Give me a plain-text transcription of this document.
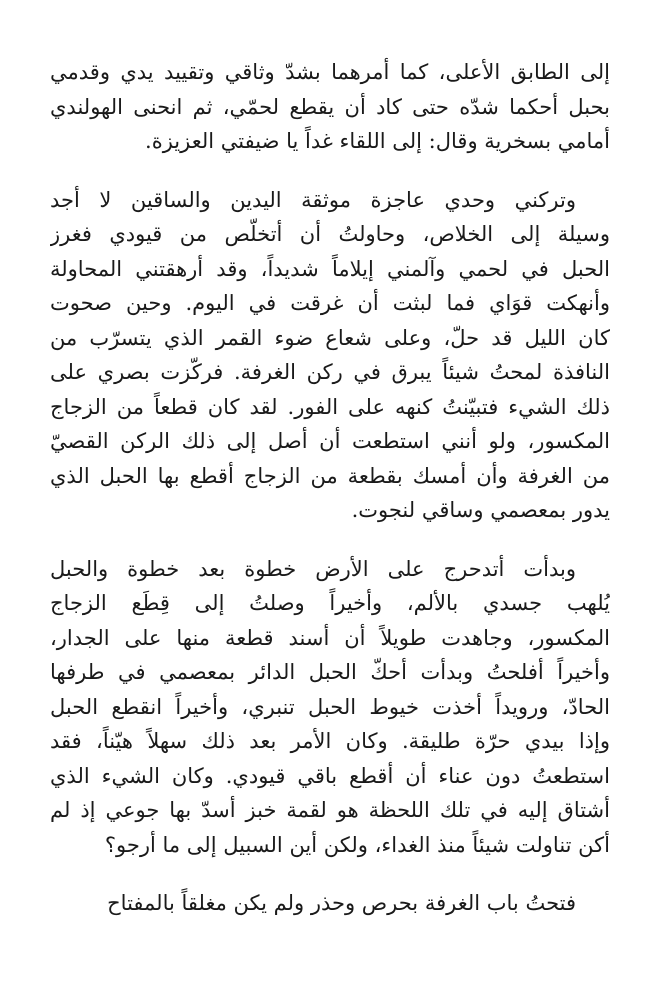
إلى الطابق الأعلى، كما أمرهما بشدّ وثاقي وتقييد يدي وقدمي
بحبل أحكما شدّه حتى كاد أن يقطع لحمّي، ثم انحنى الهولندي
أمامي بسخرية وقال: إلى اللقاء غداً يا ضيفتي العزيزة.

وتركني وحدي عاجزة موثقة اليدين والساقين لا أجد
وسيلة إلى الخلاص، وحاولتُ أن أتخلّص من قيودي فغرز
الحبل في لحمي وآلمني إيلاماً شديداً، وقد أرهقتني المحاولة
وأنهكت قوَاي فما لبثت أن غرقت في اليوم. وحين صحوت
كان الليل قد حلّ، وعلى شعاع ضوء القمر الذي يتسرّب من
النافذة لمحتُ شيئاً يبرق في ركن الغرفة. فركّزت بصري على
ذلك الشيء فتبيّنتُ كنهه على الفور. لقد كان قطعاً من الزجاج
المكسور، ولو أنني استطعت أن أصل إلى ذلك الركن القصيّ
من الغرفة وأن أمسك بقطعة من الزجاج أقطع بها الحبل الذي
يدور بمعصمي وساقي لنجوت.

وبدأت أتدحرج على الأرض خطوة بعد خطوة والحبل
يُلهب جسدي بالألم، وأخيراً وصلتُ إلى قِطَع الزجاج
المكسور، وجاهدت طويلاً أن أسند قطعة منها على الجدار،
وأخيراً أفلحتُ وبدأت أحكّ الحبل الدائر بمعصمي في طرفها
الحادّ، ورويداً أخذت خيوط الحبل تنبري، وأخيراً انقطع الحبل
وإذا بيدي حرّة طليقة. وكان الأمر بعد ذلك سهلاً هيّناً، فقد
استطعتُ دون عناء أن أقطع باقي قيودي. وكان الشيء الذي
أشتاق إليه في تلك اللحظة هو لقمة خبز أسدّ بها جوعي إذ لم
أكن تناولت شيئاً منذ الغداء، ولكن أين السبيل إلى ما أرجو؟

فتحتُ باب الغرفة بحرص وحذر ولم يكن مغلقاً بالمفتاح
